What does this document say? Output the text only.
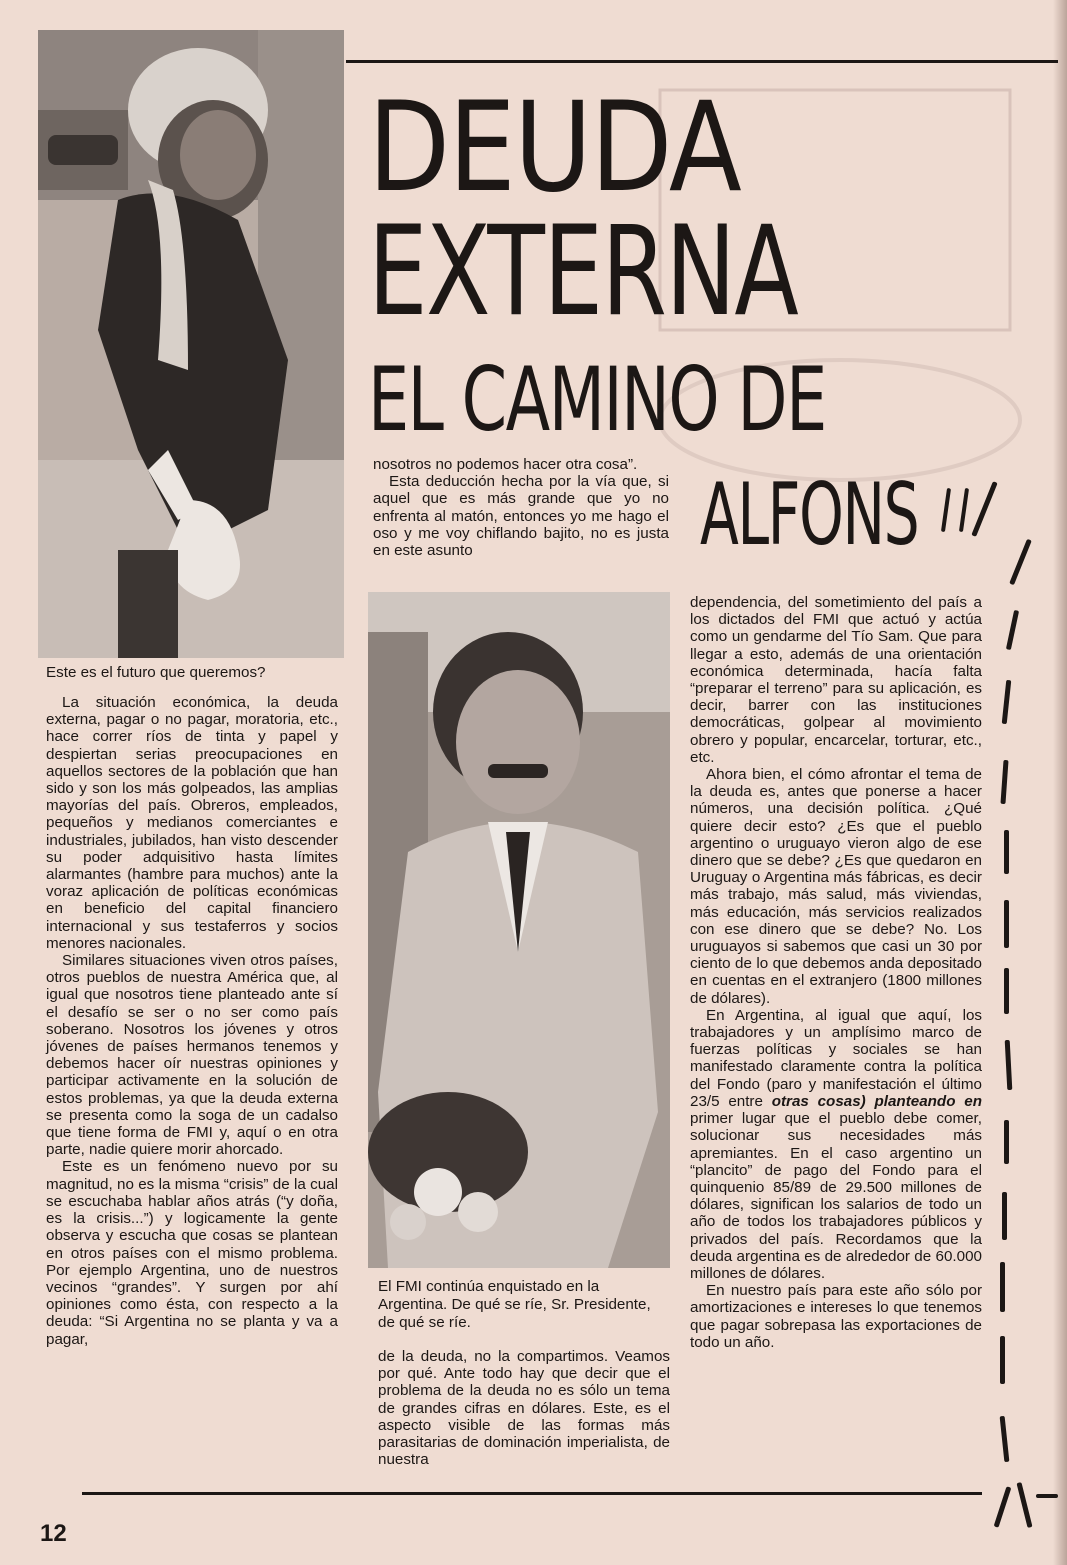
DEUDA
EXTERNA
EL CAMINO DE
ALFONS

Este es el futuro que queremos?

La situación económica, la deuda externa, pagar o no pagar, moratoria, etc., hace correr ríos de tinta y papel y despiertan serias preocupaciones en aquellos sectores de la población que han sido y son los más golpeados, las amplias mayorías del país. Obreros, empleados, pequeños y medianos comerciantes e industriales, jubilados, han visto descender su poder adquisitivo hasta límites alarmantes (hambre para muchos) ante la voraz aplicación de políticas económicas en beneficio del capital financiero internacional y sus testaferros y socios menores nacionales.

Similares situaciones viven otros países, otros pueblos de nuestra América que, al igual que nosotros tiene planteado ante sí el desafío se ser o no ser como país soberano. Nosotros los jóvenes y otros jóvenes de países hermanos tenemos y debemos hacer oír nuestras opiniones y participar activamente en la solución de estos problemas, ya que la deuda externa se presenta como la soga de un cadalso que tiene forma de FMI y, aquí o en otra parte, nadie quiere morir ahorcado.

Este es un fenómeno nuevo por su magnitud, no es la misma “crisis” de la cual se escuchaba hablar años atrás (“y doña, es la crisis...”) y logicamente la gente observa y escucha que cosas se plantean en otros países con el mismo problema. Por ejemplo Argentina, uno de nuestros vecinos “grandes”. Y surgen por ahí opiniones como ésta, con respecto a la deuda: “Si Argentina no se planta y va a pagar,

nosotros no podemos hacer otra cosa”.

Esta deducción hecha por la vía que, si aquel que es más grande que yo no enfrenta al matón, entonces yo me hago el oso y me voy chiflando bajito, no es justa en este asunto

El FMI continúa enquistado en la Argentina. De qué se ríe, Sr. Presidente, de qué se ríe.

de la deuda, no la compartimos. Veamos por qué. Ante todo hay que decir que el problema de la deuda no es sólo un tema de grandes cifras en dólares. Este, es el aspecto visible de las formas más parasitarias de dominación imperialista, de nuestra

dependencia, del sometimiento del país a los dictados del FMI que actuó y actúa como un gendarme del Tío Sam. Que para llegar a esto, además de una orientación económica determinada, hacía falta “preparar el terreno” para su aplicación, es decir, barrer con las instituciones democráticas, golpear al movimiento obrero y popular, encarcelar, torturar, etc., etc.

Ahora bien, el cómo afrontar el tema de la deuda es, antes que ponerse a hacer números, una decisión política. ¿Qué quiere decir esto? ¿Es que el pueblo argentino o uruguayo vieron algo de ese dinero que se debe? ¿Es que quedaron en Uruguay o Argentina más fábricas, es decir más trabajo, más salud, más viviendas, más educación, más servicios realizados con ese dinero que se debe? No. Los uruguayos si sabemos que casi un 30 por ciento de lo que debemos anda depositado en cuentas en el extranjero (1800 millones de dólares).

En Argentina, al igual que aquí, los trabajadores y un amplísimo marco de fuerzas políticas y sociales se han manifestado claramente contra la política del Fondo (paro y manifestación el último 23/5 entre otras cosas) planteando en primer lugar que el pueblo debe comer, solucionar sus necesidades más apremiantes. En el caso argentino un “plancito” de pago del Fondo para el quinquenio 85/89 de 29.500 millones de dólares, significan los salarios de todo un año de todos los trabajadores públicos y privados del país. Recordamos que la deuda argentina es de alrededor de 60.000 millones de dólares.

En nuestro país para este año sólo por amortizaciones e intereses lo que tenemos que pagar sobrepasa las exportaciones de todo un año.

12
